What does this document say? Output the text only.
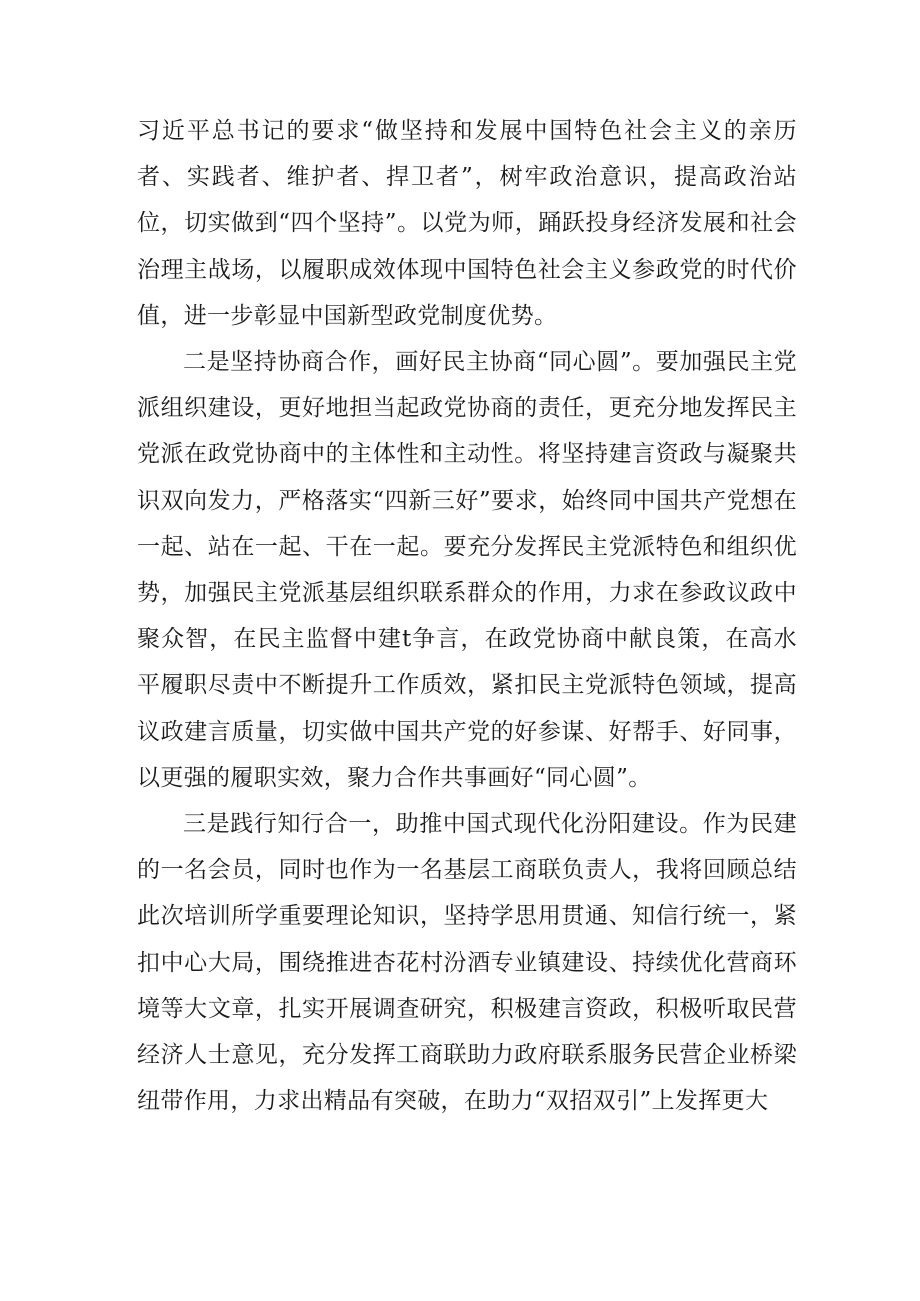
习近平总书记的要求“做坚持和发展中国特色社会主义的亲历者、实践者、维护者、捍卫者”，树牢政治意识，提高政治站位，切实做到“四个坚持”。以党为师，踊跃投身经济发展和社会治理主战场，以履职成效体现中国特色社会主义参政党的时代价值，进一步彰显中国新型政党制度优势。

二是坚持协商合作，画好民主协商“同心圆”。要加强民主党派组织建设，更好地担当起政党协商的责任，更充分地发挥民主党派在政党协商中的主体性和主动性。将坚持建言资政与凝聚共识双向发力，严格落实“四新三好”要求，始终同中国共产党想在一起、站在一起、干在一起。要充分发挥民主党派特色和组织优势，加强民主党派基层组织联系群众的作用，力求在参政议政中聚众智，在民主监督中建t争言，在政党协商中献良策，在高水平履职尽责中不断提升工作质效，紧扣民主党派特色领域，提高议政建言质量，切实做中国共产党的好参谋、好帮手、好同事，以更强的履职实效，聚力合作共事画好“同心圆”。

三是践行知行合一，助推中国式现代化汾阳建设。作为民建的一名会员，同时也作为一名基层工商联负责人，我将回顾总结此次培训所学重要理论知识，坚持学思用贯通、知信行统一，紧扣中心大局，围绕推进杏花村汾酒专业镇建设、持续优化营商环境等大文章，扎实开展调查研究，积极建言资政，积极听取民营经济人士意见，充分发挥工商联助力政府联系服务民营企业桥梁纽带作用，力求出精品有突破，在助力“双招双引”上发挥更大
